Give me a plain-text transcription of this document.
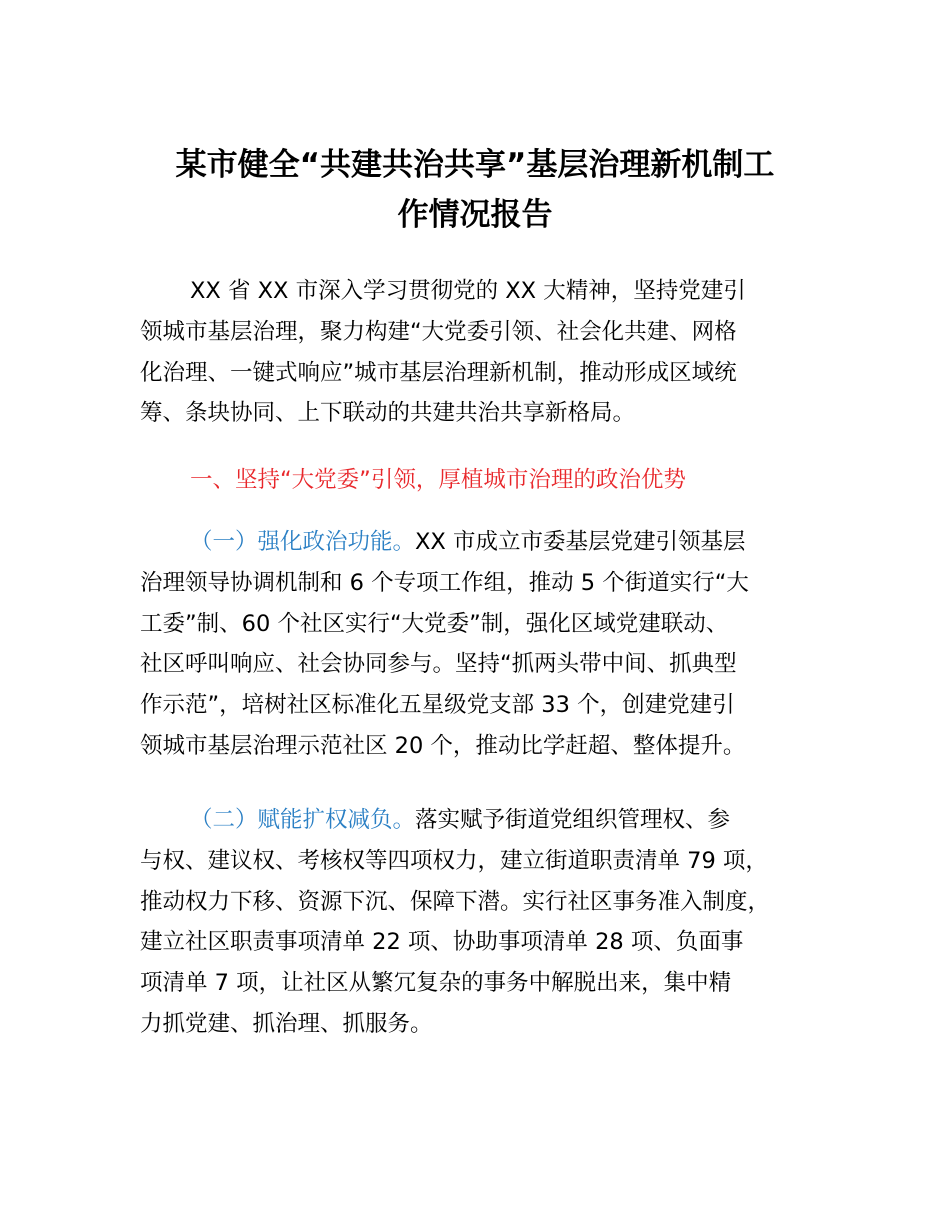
某市健全“共建共治共享”基层治理新机制工
作情况报告
XX 省 XX 市深入学习贯彻党的 XX 大精神，坚持党建引
领城市基层治理，聚力构建“大党委引领、社会化共建、网格
化治理、一键式响应”城市基层治理新机制，推动形成区域统
筹、条块协同、上下联动的共建共治共享新格局。
一、坚持“大党委”引领，厚植城市治理的政治优势
（一）强化政治功能。XX 市成立市委基层党建引领基层
治理领导协调机制和 6 个专项工作组，推动 5 个街道实行“大
工委”制、60 个社区实行“大党委”制，强化区域党建联动、
社区呼叫响应、社会协同参与。坚持“抓两头带中间、抓典型
作示范”，培树社区标准化五星级党支部 33 个，创建党建引
领城市基层治理示范社区 20 个，推动比学赶超、整体提升。
（二）赋能扩权减负。落实赋予街道党组织管理权、参
与权、建议权、考核权等四项权力，建立街道职责清单 79 项，
推动权力下移、资源下沉、保障下潜。实行社区事务准入制度，
建立社区职责事项清单 22 项、协助事项清单 28 项、负面事
项清单 7 项，让社区从繁冗复杂的事务中解脱出来，集中精
力抓党建、抓治理、抓服务。
